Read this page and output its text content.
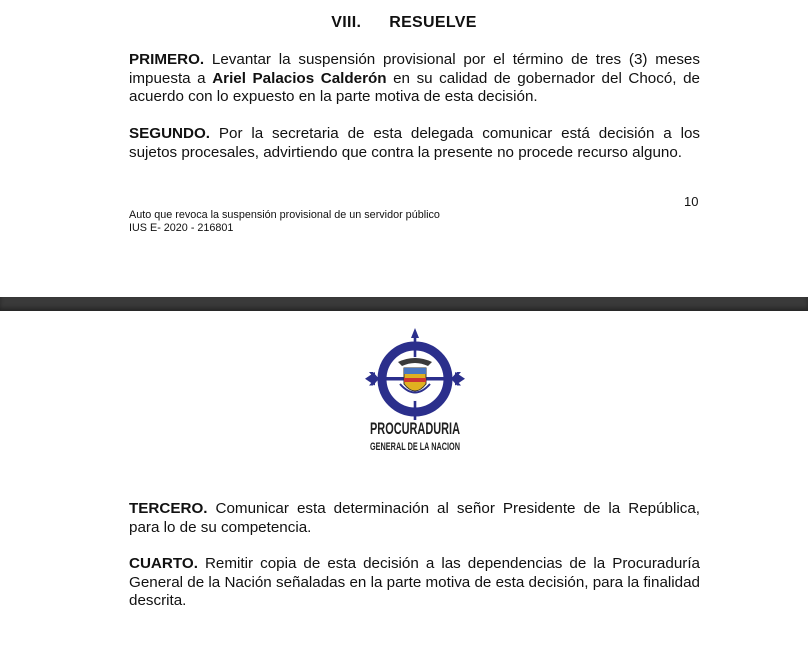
VIII. RESUELVE
PRIMERO. Levantar la suspensión provisional por el término de tres (3) meses impuesta a Ariel Palacios Calderón en su calidad de gobernador del Chocó, de acuerdo con lo expuesto en la parte motiva de esta decisión.
SEGUNDO. Por la secretaria de esta delegada comunicar está decisión a los sujetos procesales, advirtiendo que contra la presente no procede recurso alguno.
10
Auto que revoca la suspensión provisional de un servidor público
IUS E- 2020 - 216801
PROCURADURIA
GENERAL DE LA NACION
TERCERO. Comunicar esta determinación al señor Presidente de la República, para lo de su competencia.
CUARTO. Remitir copia de esta decisión a las dependencias de la Procuraduría General de la Nación señaladas en la parte motiva de esta decisión, para la finalidad descrita.
